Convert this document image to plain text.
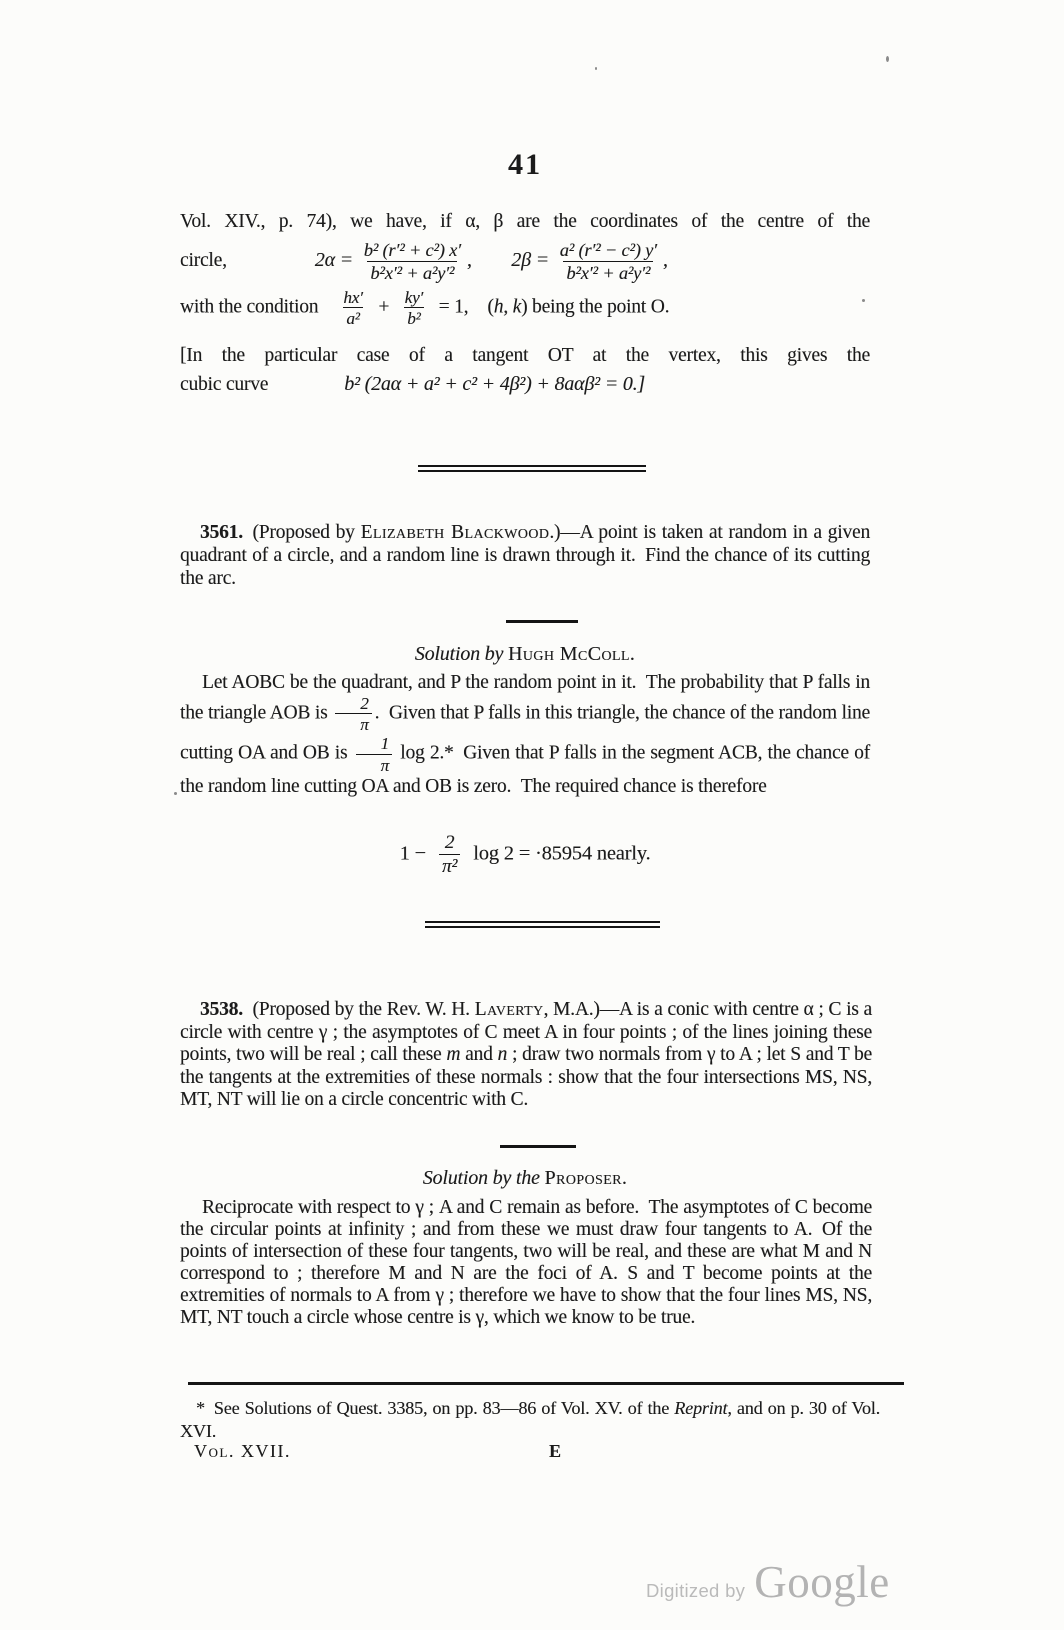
41
Vol. XIV., p. 74), we have, if α, β are the coordinates of the centre of the
circle,	$2\alpha = \frac{\text{b² (r′² + c²) x′}}{\text{b²x′² + a²y′²}}$ ,  $2\beta = \frac{\text{a² (r′² − c²) y′}}{\text{b²x′² + a²y′²}}$ ,
with the condition   $\frac{hx'}{\text{a²}}$  +  $\frac{ky'}{\text{b²}}$  = 1,  (h, k) being the point O.
[In the particular case of a tangent OT at the vertex, this gives the
cubic curve	b² (2aα + a² + c² + 4β²) + 8aαβ² = 0.]
3561. (Proposed by Elizabeth Blackwood.)—A point is taken at random in a given quadrant of a circle, and a random line is drawn through it. Find the chance of its cutting the arc.
Solution by Hugh McColl.
Let AOBC be the quadrant, and P the random point in it. The probability that P falls in the triangle AOB is $\frac{2}{\pi}$ . Given that P falls in this triangle, the chance of the random line cutting OA and OB is $\frac{1}{\pi}$ log 2.* Given that P falls in the segment ACB, the chance of the random line cutting OA and OB is zero. The required chance is therefore
1 −  $\frac{2}{\text{π²}}$  log 2 = ·85954 nearly.
3538. (Proposed by the Rev. W. H. Laverty, M.A.)—A is a conic with centre α ; C is a circle with centre γ ; the asymptotes of C meet A in four points ; of the lines joining these points, two will be real ; call these m and n ; draw two normals from γ to A ; let S and T be the tangents at the extremities of these normals : show that the four intersections MS, NS, MT, NT will lie on a circle concentric with C.
Solution by the Proposer.
Reciprocate with respect to γ ; A and C remain as before. The asymptotes of C become the circular points at infinity ; and from these we must draw four tangents to A. Of the points of intersection of these four tangents, two will be real, and these are what M and N correspond to ; therefore M and N are the foci of A. S and T become points at the extremities of normals to A from γ ; therefore we have to show that the four lines MS, NS, MT, NT touch a circle whose centre is γ, which we know to be true.
* See Solutions of Quest. 3385, on pp. 83—86 of Vol. XV. of the Reprint, and on p. 30 of Vol. XVI.
Vol. XVII.	E
Digitized by Google
